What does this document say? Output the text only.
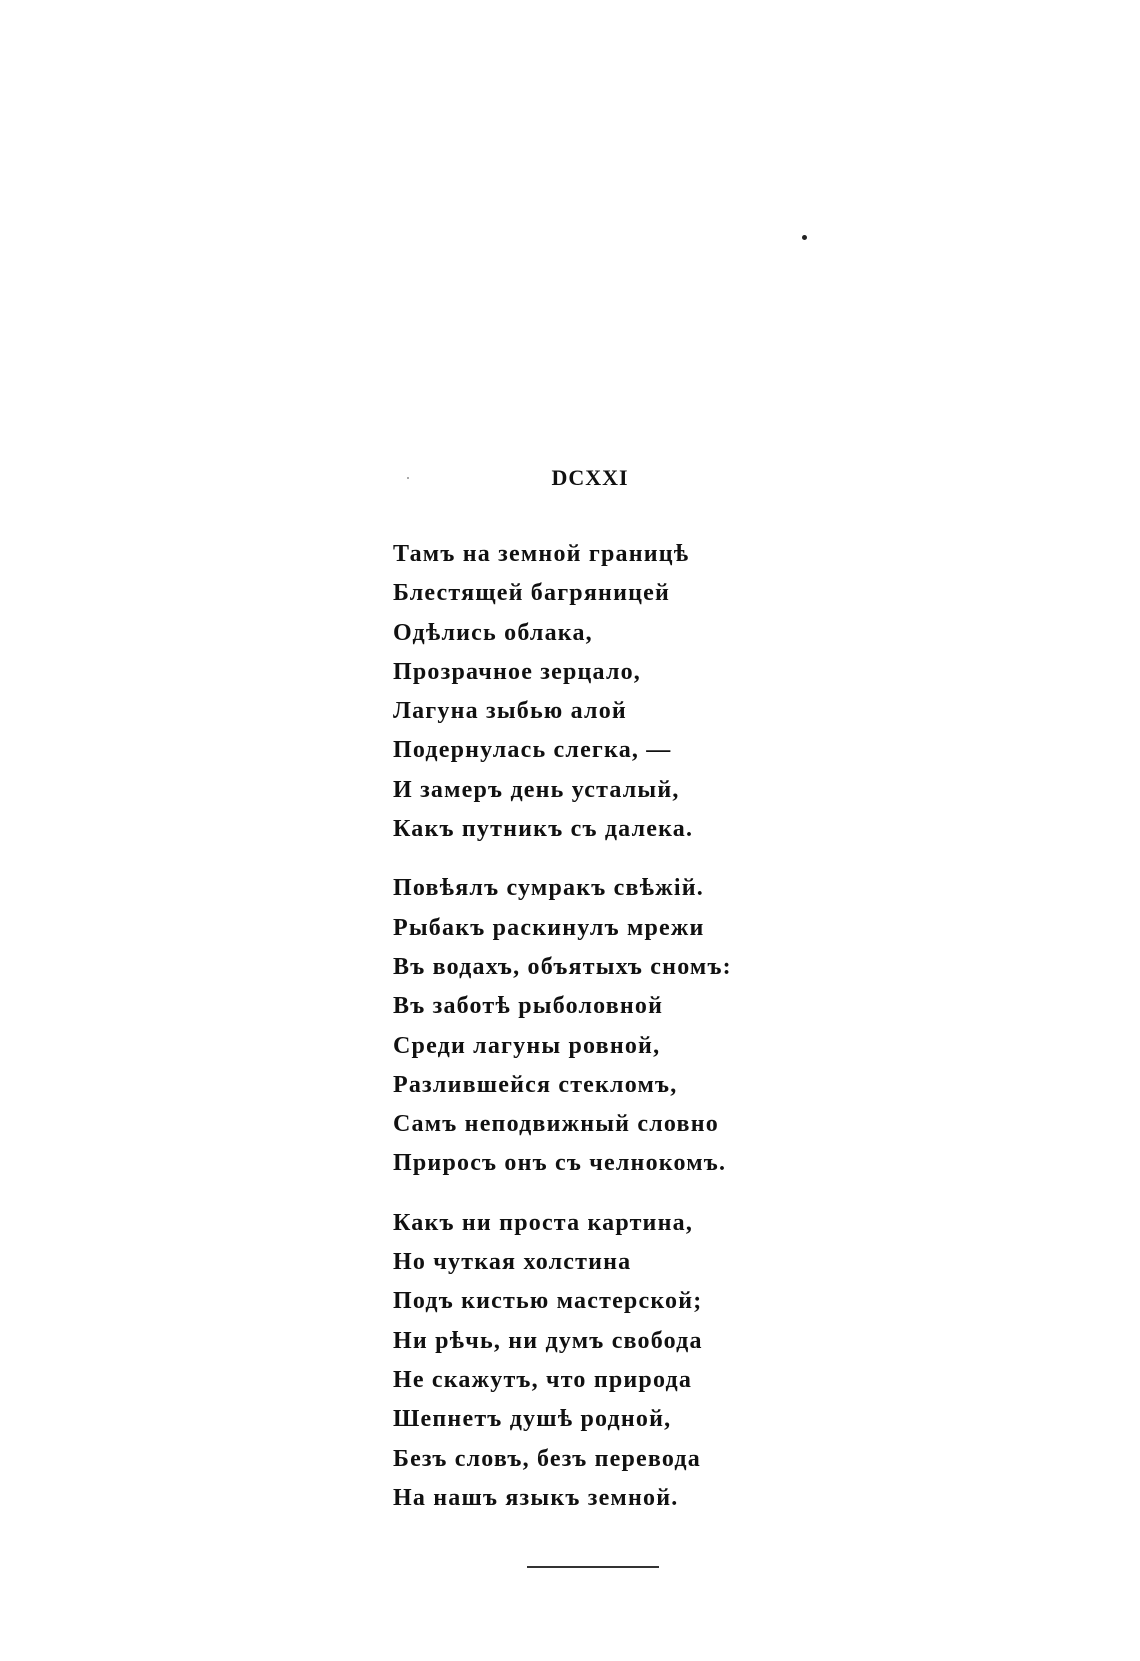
DCXXI
Тамъ на земной границѣ
Блестящей багряницей
Одѣлись облака,
Прозрачное зерцало,
Лагуна зыбью алой
Подернулась слегка, —
И замеръ день усталый,
Какъ путникъ съ далека.
Повѣялъ сумракъ свѣжій.
Рыбакъ раскинулъ мрежи
Въ водахъ, объятыхъ сномъ:
Въ заботѣ рыболовной
Среди лагуны ровной,
Разлившейся стекломъ,
Самъ неподвижный словно
Приросъ онъ съ челнокомъ.
Какъ ни проста картина,
Но чуткая холстина
Подъ кистью мастерской;
Ни рѣчь, ни думъ свобода
Не скажутъ, что природа
Шепнетъ душѣ родной,
Безъ словъ, безъ перевода
На нашъ языкъ земной.
